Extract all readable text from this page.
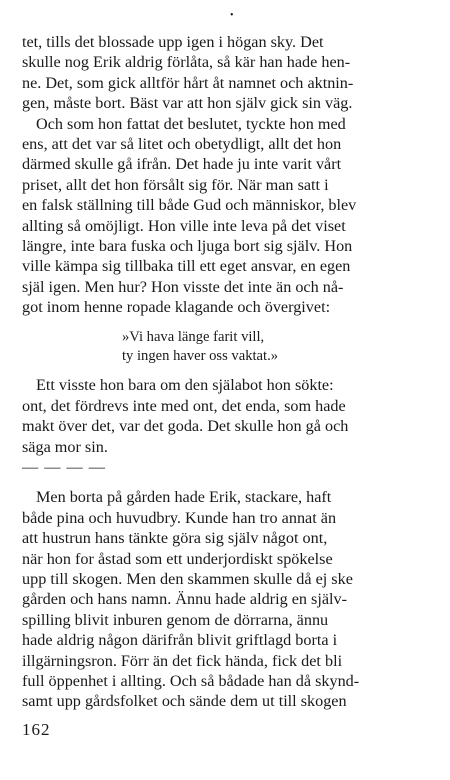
•
tet, tills det blossade upp igen i högan sky. Det
skulle nog Erik aldrig förlåta, så kär han hade hen-
ne. Det, som gick alltför hårt åt namnet och aktnin-
gen, måste bort. Bäst var att hon själv gick sin väg.
Och som hon fattat det beslutet, tyckte hon med
ens, att det var så litet och obetydligt, allt det hon
därmed skulle gå ifrån. Det hade ju inte varit vårt
priset, allt det hon försålt sig för. När man satt i
en falsk ställning till både Gud och människor, blev
allting så omöjligt. Hon ville inte leva på det viset
längre, inte bara fuska och ljuga bort sig själv. Hon
ville kämpa sig tillbaka till ett eget ansvar, en egen
själ igen. Men hur? Hon visste det inte än och nå-
got inom henne ropade klagande och övergivet:
»Vi hava länge farit vill,
ty ingen haver oss vaktat.»
Ett visste hon bara om den själabot hon sökte:
ont, det fördrevs inte med ont, det enda, som hade
makt över det, var det goda. Det skulle hon gå och
säga mor sin.
— — — —
Men borta på gården hade Erik, stackare, haft
både pina och huvudbry. Kunde han tro annat än
att hustrun hans tänkte göra sig själv något ont,
när hon for åstad som ett underjordiskt spökelse
upp till skogen. Men den skammen skulle då ej ske
gården och hans namn. Ännu hade aldrig en själv-
spilling blivit inburen genom de dörrarna, ännu
hade aldrig någon därifrån blivit griftlagd borta i
illgärningsron. Förr än det fick hända, fick det bli
full öppenhet i allting. Och så bådade han då skynd-
samt upp gårdsfolket och sände dem ut till skogen
162
